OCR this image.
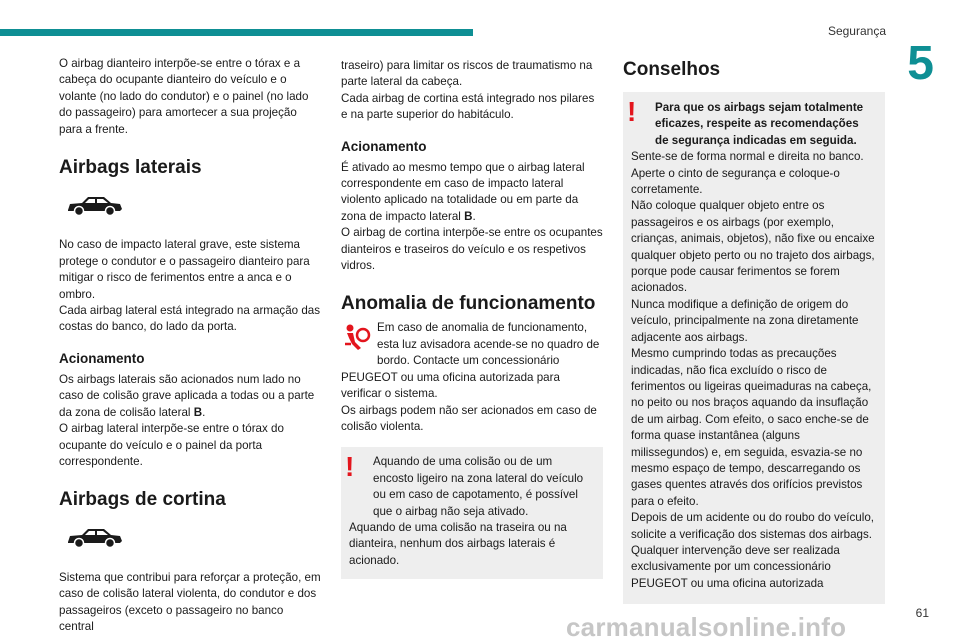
Segurança
5

O airbag dianteiro interpõe-se entre o tórax e a cabeça do ocupante dianteiro do veículo e o volante (no lado do condutor) e o painel (no lado do passageiro) para amortecer a sua projeção para a frente.

Airbags laterais

No caso de impacto lateral grave, este sistema protege o condutor e o passageiro dianteiro para mitigar o risco de ferimentos entre a anca e o ombro.

Cada airbag lateral está integrado na armação das costas do banco, do lado da porta.

Acionamento

Os airbags laterais são acionados num lado no caso de colisão grave aplicada a todas ou a parte da zona de colisão lateral B.

O airbag lateral interpõe-se entre o tórax do ocupante do veículo e o painel da porta correspondente.

Airbags de cortina

Sistema que contribui para reforçar a proteção, em caso de colisão lateral violenta, do condutor e dos passageiros (exceto o passageiro no banco central

traseiro) para limitar os riscos de traumatismo na parte lateral da cabeça.

Cada airbag de cortina está integrado nos pilares e na parte superior do habitáculo.

Acionamento

É ativado ao mesmo tempo que o airbag lateral correspondente em caso de impacto lateral violento aplicado na totalidade ou em parte da zona de impacto lateral B.

O airbag de cortina interpõe-se entre os ocupantes dianteiros e traseiros do veículo e os respetivos vidros.

Anomalia de funcionamento

Em caso de anomalia de funcionamento, esta luz avisadora acende-se no quadro de bordo. Contacte um concessionário PEUGEOT ou uma oficina autorizada para verificar o sistema.

Os airbags podem não ser acionados em caso de colisão violenta.

!	Aquando de uma colisão ou de um encosto ligeiro na zona lateral do veículo ou em caso de capotamento, é possível que o airbag não seja ativado.

Aquando de uma colisão na traseira ou na dianteira, nenhum dos airbags laterais é acionado.

Conselhos
!	Para que os airbags sejam totalmente eficazes, respeite as recomendações de segurança indicadas em seguida.

Sente-se de forma normal e direita no banco.

Aperte o cinto de segurança e coloque-o corretamente.

Não coloque qualquer objeto entre os passageiros e os airbags (por exemplo, crianças, animais, objetos), não fixe ou encaixe qualquer objeto perto ou no trajeto dos airbags, porque pode causar ferimentos se forem acionados.

Nunca modifique a definição de origem do veículo, principalmente na zona diretamente adjacente aos airbags.

Mesmo cumprindo todas as precauções indicadas, não fica excluído o risco de ferimentos ou ligeiras queimaduras na cabeça, no peito ou nos braços aquando da insuflação de um airbag. Com efeito, o saco enche-se de forma quase instantânea (alguns milissegundos) e, em seguida, esvazia-se no mesmo espaço de tempo, descarregando os gases quentes através dos orifícios previstos para o efeito.

Depois de um acidente ou do roubo do veículo, solicite a verificação dos sistemas dos airbags.

Qualquer intervenção deve ser realizada exclusivamente por um concessionário PEUGEOT ou uma oficina autorizada

61
carmanualsonline.info
